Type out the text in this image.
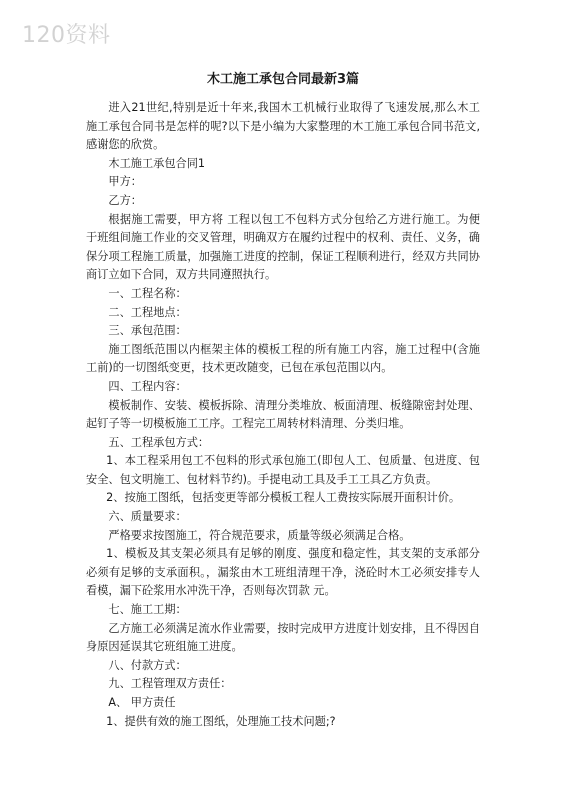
120资料
木工施工承包合同最新3篇

进入21世纪,特别是近十年来,我国木工机械行业取得了飞速发展,那么木工施工承包合同书是怎样的呢?以下是小编为大家整理的木工施工承包合同书范文,感谢您的欣赏。

木工施工承包合同1

甲方：

乙方：

根据施工需要，甲方将 工程以包工不包料方式分包给乙方进行施工。为便于班组间施工作业的交叉管理，明确双方在履约过程中的权利、责任、义务，确保分项工程施工质量，加强施工进度的控制，保证工程顺利进行，经双方共同协商订立如下合同，双方共同遵照执行。

一、工程名称：

二、工程地点：

三、承包范围：

施工图纸范围以内框架主体的模板工程的所有施工内容，施工过程中(含施工前)的一切图纸变更，技术更改随变，已包在承包范围以内。

四、工程内容：

模板制作、安装、模板拆除、清理分类堆放、板面清理、板缝隙密封处理、起钉子等一切模板施工工序。工程完工周转材料清理、分类归堆。

五、工程承包方式：

1、本工程采用包工不包料的形式承包施工(即包人工、包质量、包进度、包安全、包文明施工、包材料节约)。手提电动工具及手工工具乙方负责。

2、按施工图纸，包括变更等部分模板工程人工费按实际展开面积计价。

六、质量要求：

严格要求按图施工，符合规范要求，质量等级必须满足合格。

1、模板及其支架必须具有足够的刚度、强度和稳定性，其支架的支承部分必须有足够的支承面积。，漏浆由木工班组清理干净，浇砼时木工必须安排专人看模，漏下砼浆用水冲洗干净，否则每次罚款 元。

七、施工工期：

乙方施工必须满足流水作业需要，按时完成甲方进度计划安排，且不得因自身原因延误其它班组施工进度。

八、付款方式：

九、工程管理双方责任：

A、 甲方责任

1、提供有效的施工图纸，处理施工技术问题;?
